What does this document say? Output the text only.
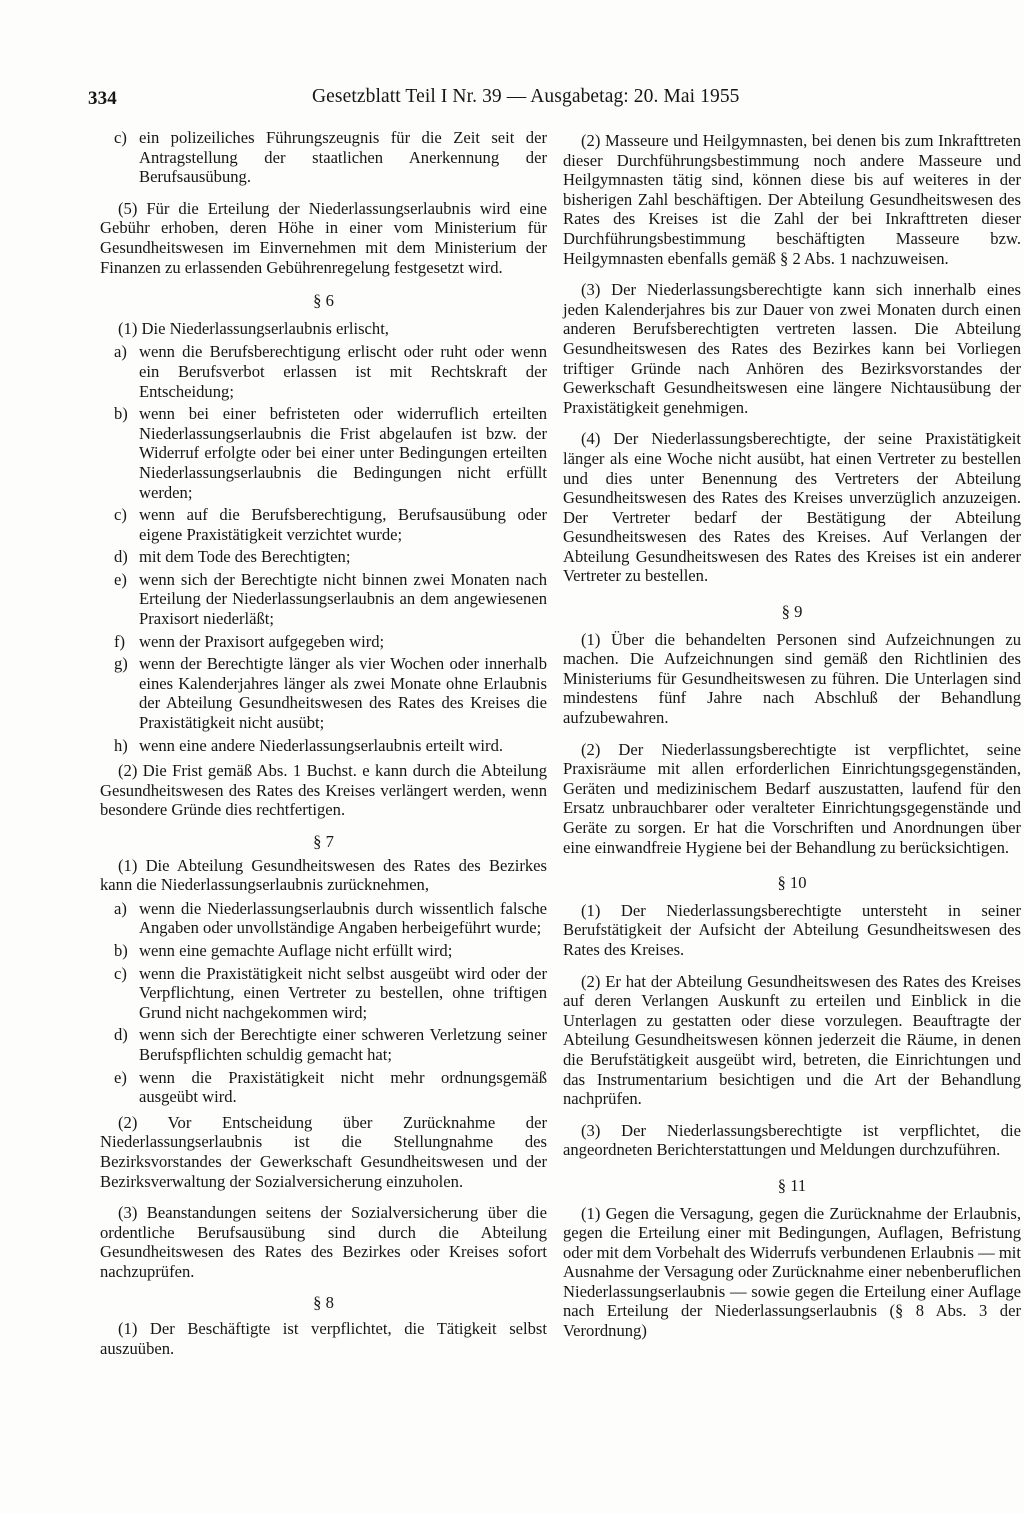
334	Gesetzblatt Teil I Nr. 39 — Ausgabetag: 20. Mai 1955
c) ein polizeiliches Führungszeugnis für die Zeit seit der Antragstellung der staatlichen Anerkennung der Berufsausübung.

(5) Für die Erteilung der Niederlassungserlaubnis wird eine Gebühr erhoben, deren Höhe in einer vom Ministerium für Gesundheitswesen im Einvernehmen mit dem Ministerium der Finanzen zu erlassenden Gebührenregelung festgesetzt wird.

§ 6

(1) Die Niederlassungserlaubnis erlischt,

a) wenn die Berufsberechtigung erlischt oder ruht oder wenn ein Berufsverbot erlassen ist mit Rechtskraft der Entscheidung;
b) wenn bei einer befristeten oder widerruflich erteilten Niederlassungserlaubnis die Frist abgelaufen ist bzw. der Widerruf erfolgte oder bei einer unter Bedingungen erteilten Niederlassungserlaubnis die Bedingungen nicht erfüllt werden;
c) wenn auf die Berufsberechtigung, Berufsausübung oder eigene Praxistätigkeit verzichtet wurde;
d) mit dem Tode des Berechtigten;
e) wenn sich der Berechtigte nicht binnen zwei Monaten nach Erteilung der Niederlassungserlaubnis an dem angewiesenen Praxisort niederläßt;
f) wenn der Praxisort aufgegeben wird;
g) wenn der Berechtigte länger als vier Wochen oder innerhalb eines Kalenderjahres länger als zwei Monate ohne Erlaubnis der Abteilung Gesundheitswesen des Rates des Kreises die Praxistätigkeit nicht ausübt;
h) wenn eine andere Niederlassungserlaubnis erteilt wird.

(2) Die Frist gemäß Abs. 1 Buchst. e kann durch die Abteilung Gesundheitswesen des Rates des Kreises verlängert werden, wenn besondere Gründe dies rechtfertigen.

§ 7

(1) Die Abteilung Gesundheitswesen des Rates des Bezirkes kann die Niederlassungserlaubnis zurücknehmen,

a) wenn die Niederlassungserlaubnis durch wissentlich falsche Angaben oder unvollständige Angaben herbeigeführt wurde;
b) wenn eine gemachte Auflage nicht erfüllt wird;
c) wenn die Praxistätigkeit nicht selbst ausgeübt wird oder der Verpflichtung, einen Vertreter zu bestellen, ohne triftigen Grund nicht nachgekommen wird;
d) wenn sich der Berechtigte einer schweren Verletzung seiner Berufspflichten schuldig gemacht hat;
e) wenn die Praxistätigkeit nicht mehr ordnungsgemäß ausgeübt wird.

(2) Vor Entscheidung über Zurücknahme der Niederlassungserlaubnis ist die Stellungnahme des Bezirksvorstandes der Gewerkschaft Gesundheitswesen und der Bezirksverwaltung der Sozialversicherung einzuholen.

(3) Beanstandungen seitens der Sozialversicherung über die ordentliche Berufsausübung sind durch die Abteilung Gesundheitswesen des Rates des Bezirkes oder Kreises sofort nachzuprüfen.

§ 8

(1) Der Beschäftigte ist verpflichtet, die Tätigkeit selbst auszuüben.

(2) Masseure und Heilgymnasten, bei denen bis zum Inkrafttreten dieser Durchführungsbestimmung noch andere Masseure und Heilgymnasten tätig sind, können diese bis auf weiteres in der bisherigen Zahl beschäftigen. Der Abteilung Gesundheitswesen des Rates des Kreises ist die Zahl der bei Inkrafttreten dieser Durchführungsbestimmung beschäftigten Masseure bzw. Heilgymnasten ebenfalls gemäß § 2 Abs. 1 nachzuweisen.

(3) Der Niederlassungsberechtigte kann sich innerhalb eines jeden Kalenderjahres bis zur Dauer von zwei Monaten durch einen anderen Berufsberechtigten vertreten lassen. Die Abteilung Gesundheitswesen des Rates des Bezirkes kann bei Vorliegen triftiger Gründe nach Anhören des Bezirksvorstandes der Gewerkschaft Gesundheitswesen eine längere Nichtausübung der Praxistätigkeit genehmigen.

(4) Der Niederlassungsberechtigte, der seine Praxistätigkeit länger als eine Woche nicht ausübt, hat einen Vertreter zu bestellen und dies unter Benennung des Vertreters der Abteilung Gesundheitswesen des Rates des Kreises unverzüglich anzuzeigen. Der Vertreter bedarf der Bestätigung der Abteilung Gesundheitswesen des Rates des Kreises. Auf Verlangen der Abteilung Gesundheitswesen des Rates des Kreises ist ein anderer Vertreter zu bestellen.

§ 9

(1) Über die behandelten Personen sind Aufzeichnungen zu machen. Die Aufzeichnungen sind gemäß den Richtlinien des Ministeriums für Gesundheitswesen zu führen. Die Unterlagen sind mindestens fünf Jahre nach Abschluß der Behandlung aufzubewahren.

(2) Der Niederlassungsberechtigte ist verpflichtet, seine Praxisräume mit allen erforderlichen Einrichtungsgegenständen, Geräten und medizinischem Bedarf auszustatten, laufend für den Ersatz unbrauchbarer oder veralteter Einrichtungsgegenstände und Geräte zu sorgen. Er hat die Vorschriften und Anordnungen über eine einwandfreie Hygiene bei der Behandlung zu berücksichtigen.

§ 10

(1) Der Niederlassungsberechtigte untersteht in seiner Berufstätigkeit der Aufsicht der Abteilung Gesundheitswesen des Rates des Kreises.

(2) Er hat der Abteilung Gesundheitswesen des Rates des Kreises auf deren Verlangen Auskunft zu erteilen und Einblick in die Unterlagen zu gestatten oder diese vorzulegen. Beauftragte der Abteilung Gesundheitswesen können jederzeit die Räume, in denen die Berufstätigkeit ausgeübt wird, betreten, die Einrichtungen und das Instrumentarium besichtigen und die Art der Behandlung nachprüfen.

(3) Der Niederlassungsberechtigte ist verpflichtet, die angeordneten Berichterstattungen und Meldungen durchzuführen.

§ 11

(1) Gegen die Versagung, gegen die Zurücknahme der Erlaubnis, gegen die Erteilung einer mit Bedingungen, Auflagen, Befristung oder mit dem Vorbehalt des Widerrufs verbundenen Erlaubnis — mit Ausnahme der Versagung oder Zurücknahme einer nebenberuflichen Niederlassungserlaubnis — sowie gegen die Erteilung einer Auflage nach Erteilung der Niederlassungserlaubnis (§ 8 Abs. 3 der Verordnung)
